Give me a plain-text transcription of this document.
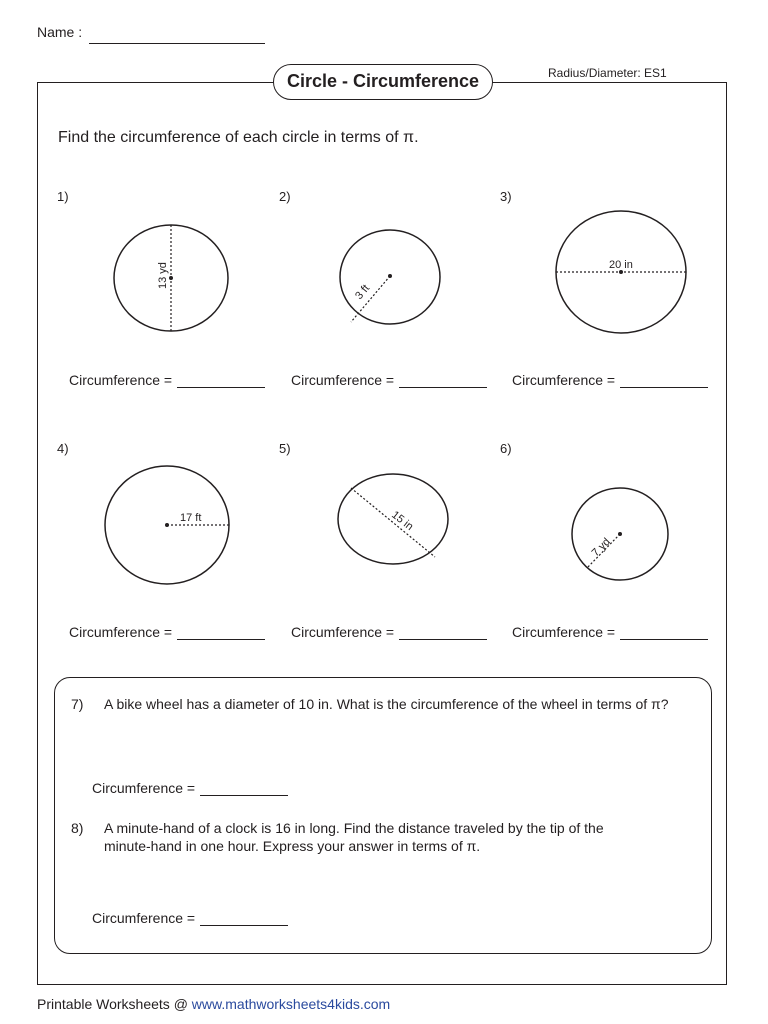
Name :
Circle - Circumference	Radius/Diameter: ES1
Find the circumference of each circle in terms of π.
13 yd
3 ft
20 in
17 ft	15 in
7 yd
1)	2)	3)
4)	5)	6)
Circumference =	Circumference =	Circumference =
Circumference =	Circumference =	Circumference =
7) A bike wheel has a diameter of 10 in. What is the circumference of the wheel in terms of π?
Circumference =
8) A minute-hand of a clock is 16 in long. Find the distance traveled by the tip of the
minute-hand in one hour. Express your answer in terms of π.
Circumference =
Printable Worksheets @ www.mathworksheets4kids.com
